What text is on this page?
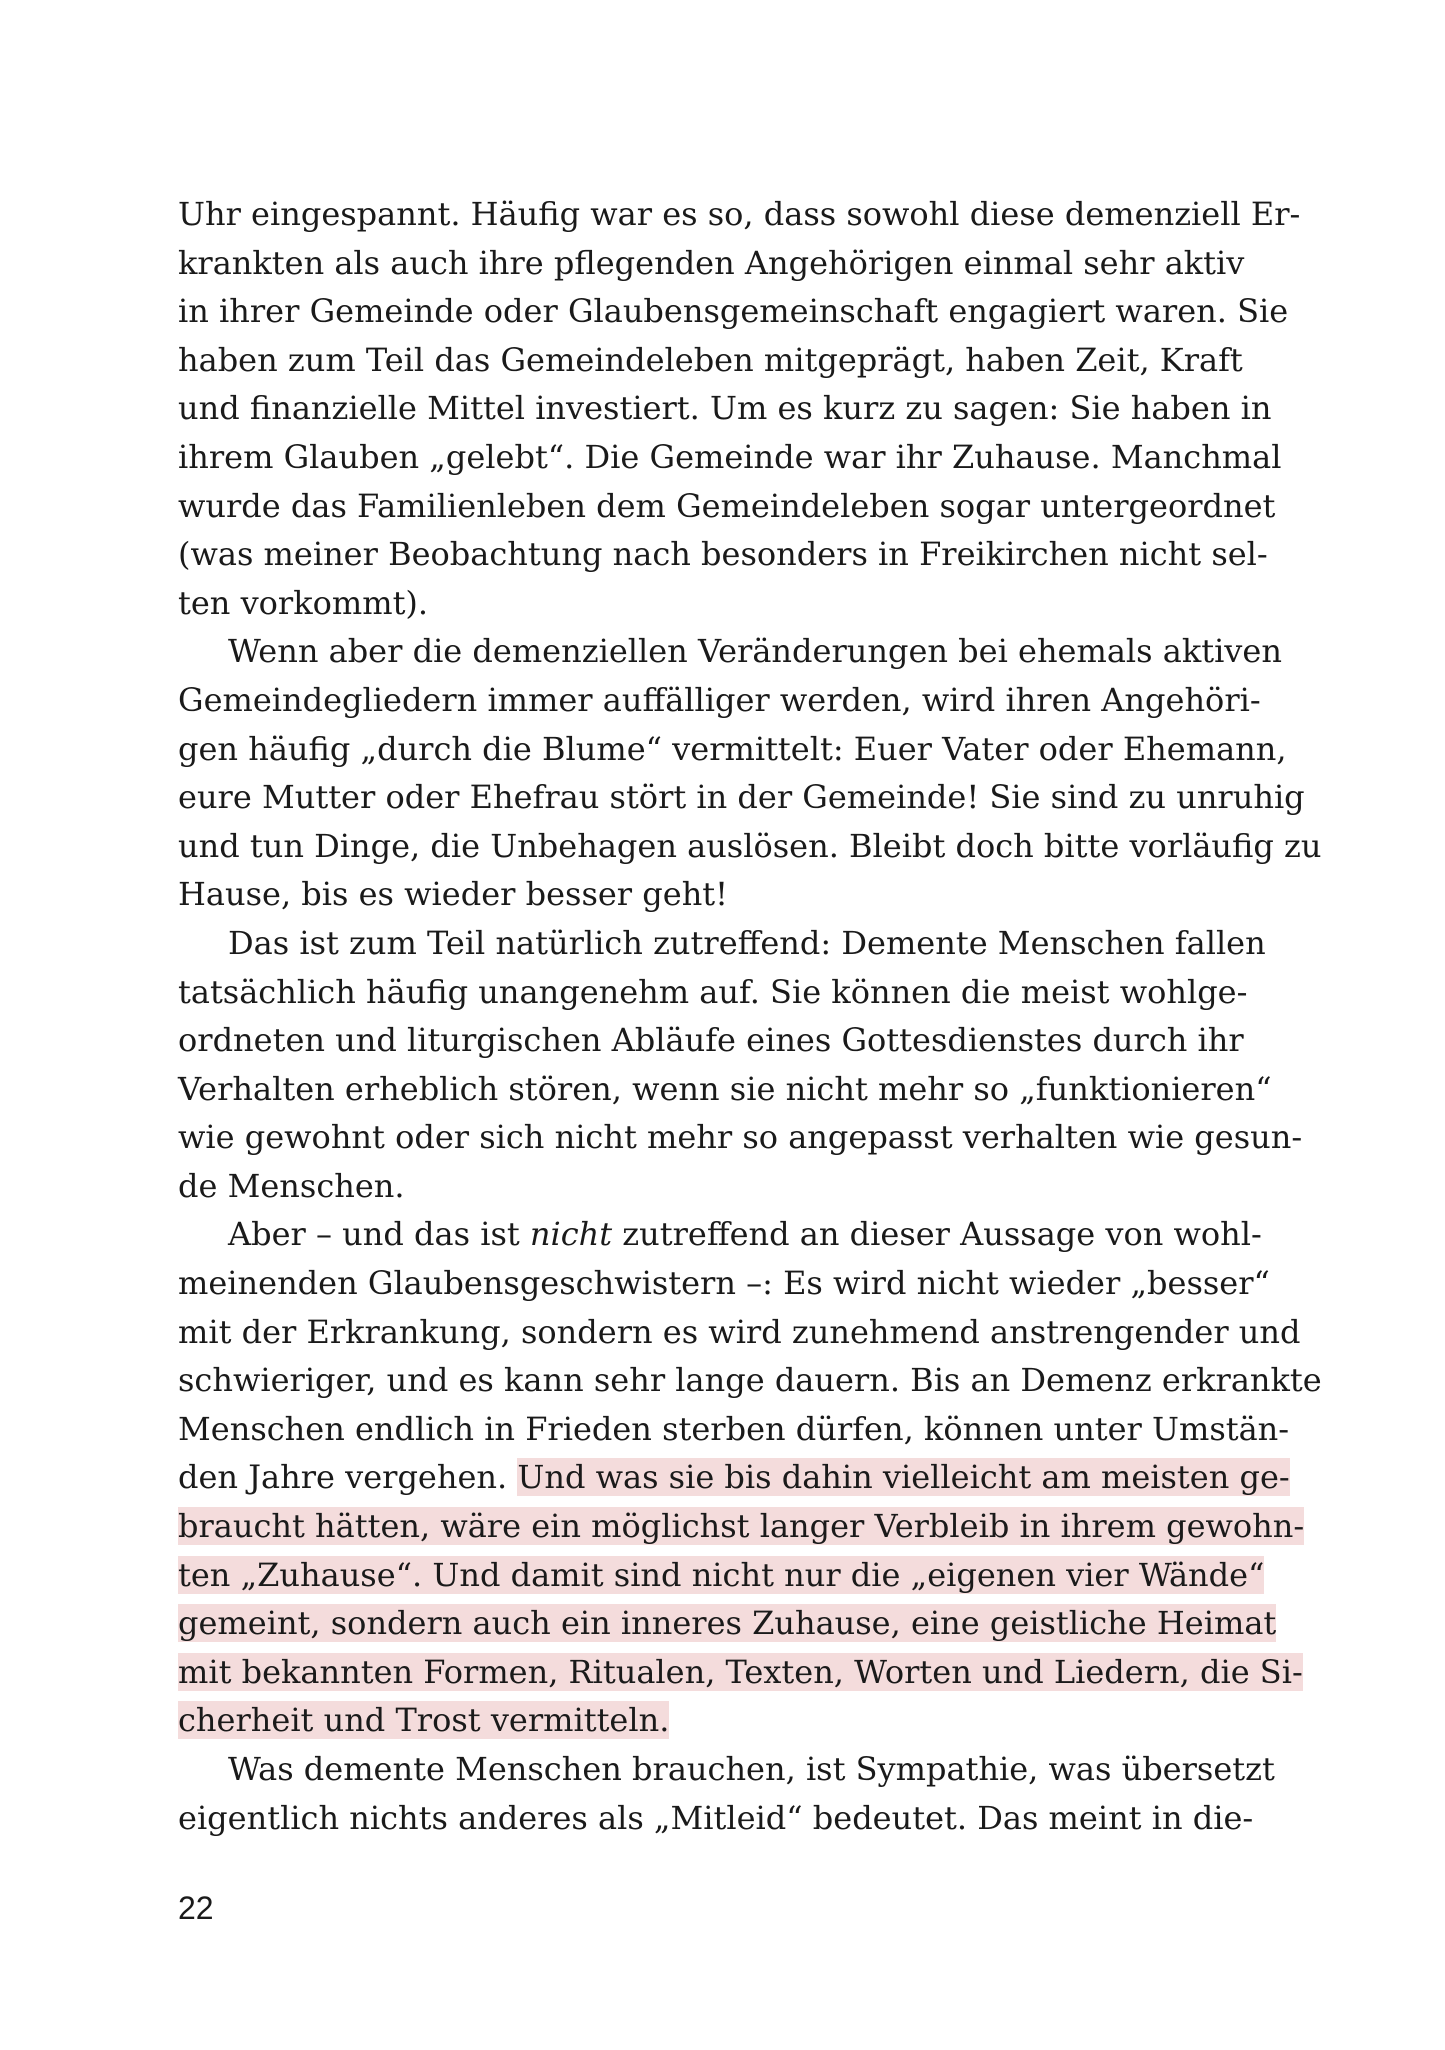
Uhr eingespannt. Häufig war es so, dass sowohl diese demenziell Er-
krankten als auch ihre pflegenden Angehörigen einmal sehr aktiv
in ihrer Gemeinde oder Glaubensgemeinschaft engagiert waren. Sie
haben zum Teil das Gemeindeleben mitgeprägt, haben Zeit, Kraft
und finanzielle Mittel investiert. Um es kurz zu sagen: Sie haben in
ihrem Glauben „gelebt“. Die Gemeinde war ihr Zuhause. Manchmal
wurde das Familienleben dem Gemeindeleben sogar untergeordnet
(was meiner Beobachtung nach besonders in Freikirchen nicht sel-
ten vorkommt).
Wenn aber die demenziellen Veränderungen bei ehemals aktiven
Gemeindegliedern immer auffälliger werden, wird ihren Angehöri-
gen häufig „durch die Blume“ vermittelt: Euer Vater oder Ehemann,
eure Mutter oder Ehefrau stört in der Gemeinde! Sie sind zu unruhig
und tun Dinge, die Unbehagen auslösen. Bleibt doch bitte vorläufig zu
Hause, bis es wieder besser geht!
Das ist zum Teil natürlich zutreffend: Demente Menschen fallen
tatsächlich häufig unangenehm auf. Sie können die meist wohlge-
ordneten und liturgischen Abläufe eines Gottesdienstes durch ihr
Verhalten erheblich stören, wenn sie nicht mehr so „funktionieren“
wie gewohnt oder sich nicht mehr so angepasst verhalten wie gesun-
de Menschen.
Aber – und das ist nicht zutreffend an dieser Aussage von wohl-
meinenden Glaubensgeschwistern –: Es wird nicht wieder „besser“
mit der Erkrankung, sondern es wird zunehmend anstrengender und
schwieriger, und es kann sehr lange dauern. Bis an Demenz erkrankte
Menschen endlich in Frieden sterben dürfen, können unter Umstän-
den Jahre vergehen. Und was sie bis dahin vielleicht am meisten ge-
braucht hätten, wäre ein möglichst langer Verbleib in ihrem gewohn-
ten „Zuhause“. Und damit sind nicht nur die „eigenen vier Wände“
gemeint, sondern auch ein inneres Zuhause, eine geistliche Heimat
mit bekannten Formen, Ritualen, Texten, Worten und Liedern, die Si-
cherheit und Trost vermitteln.
Was demente Menschen brauchen, ist Sympathie, was übersetzt
eigentlich nichts anderes als „Mitleid“ bedeutet. Das meint in die-
22
